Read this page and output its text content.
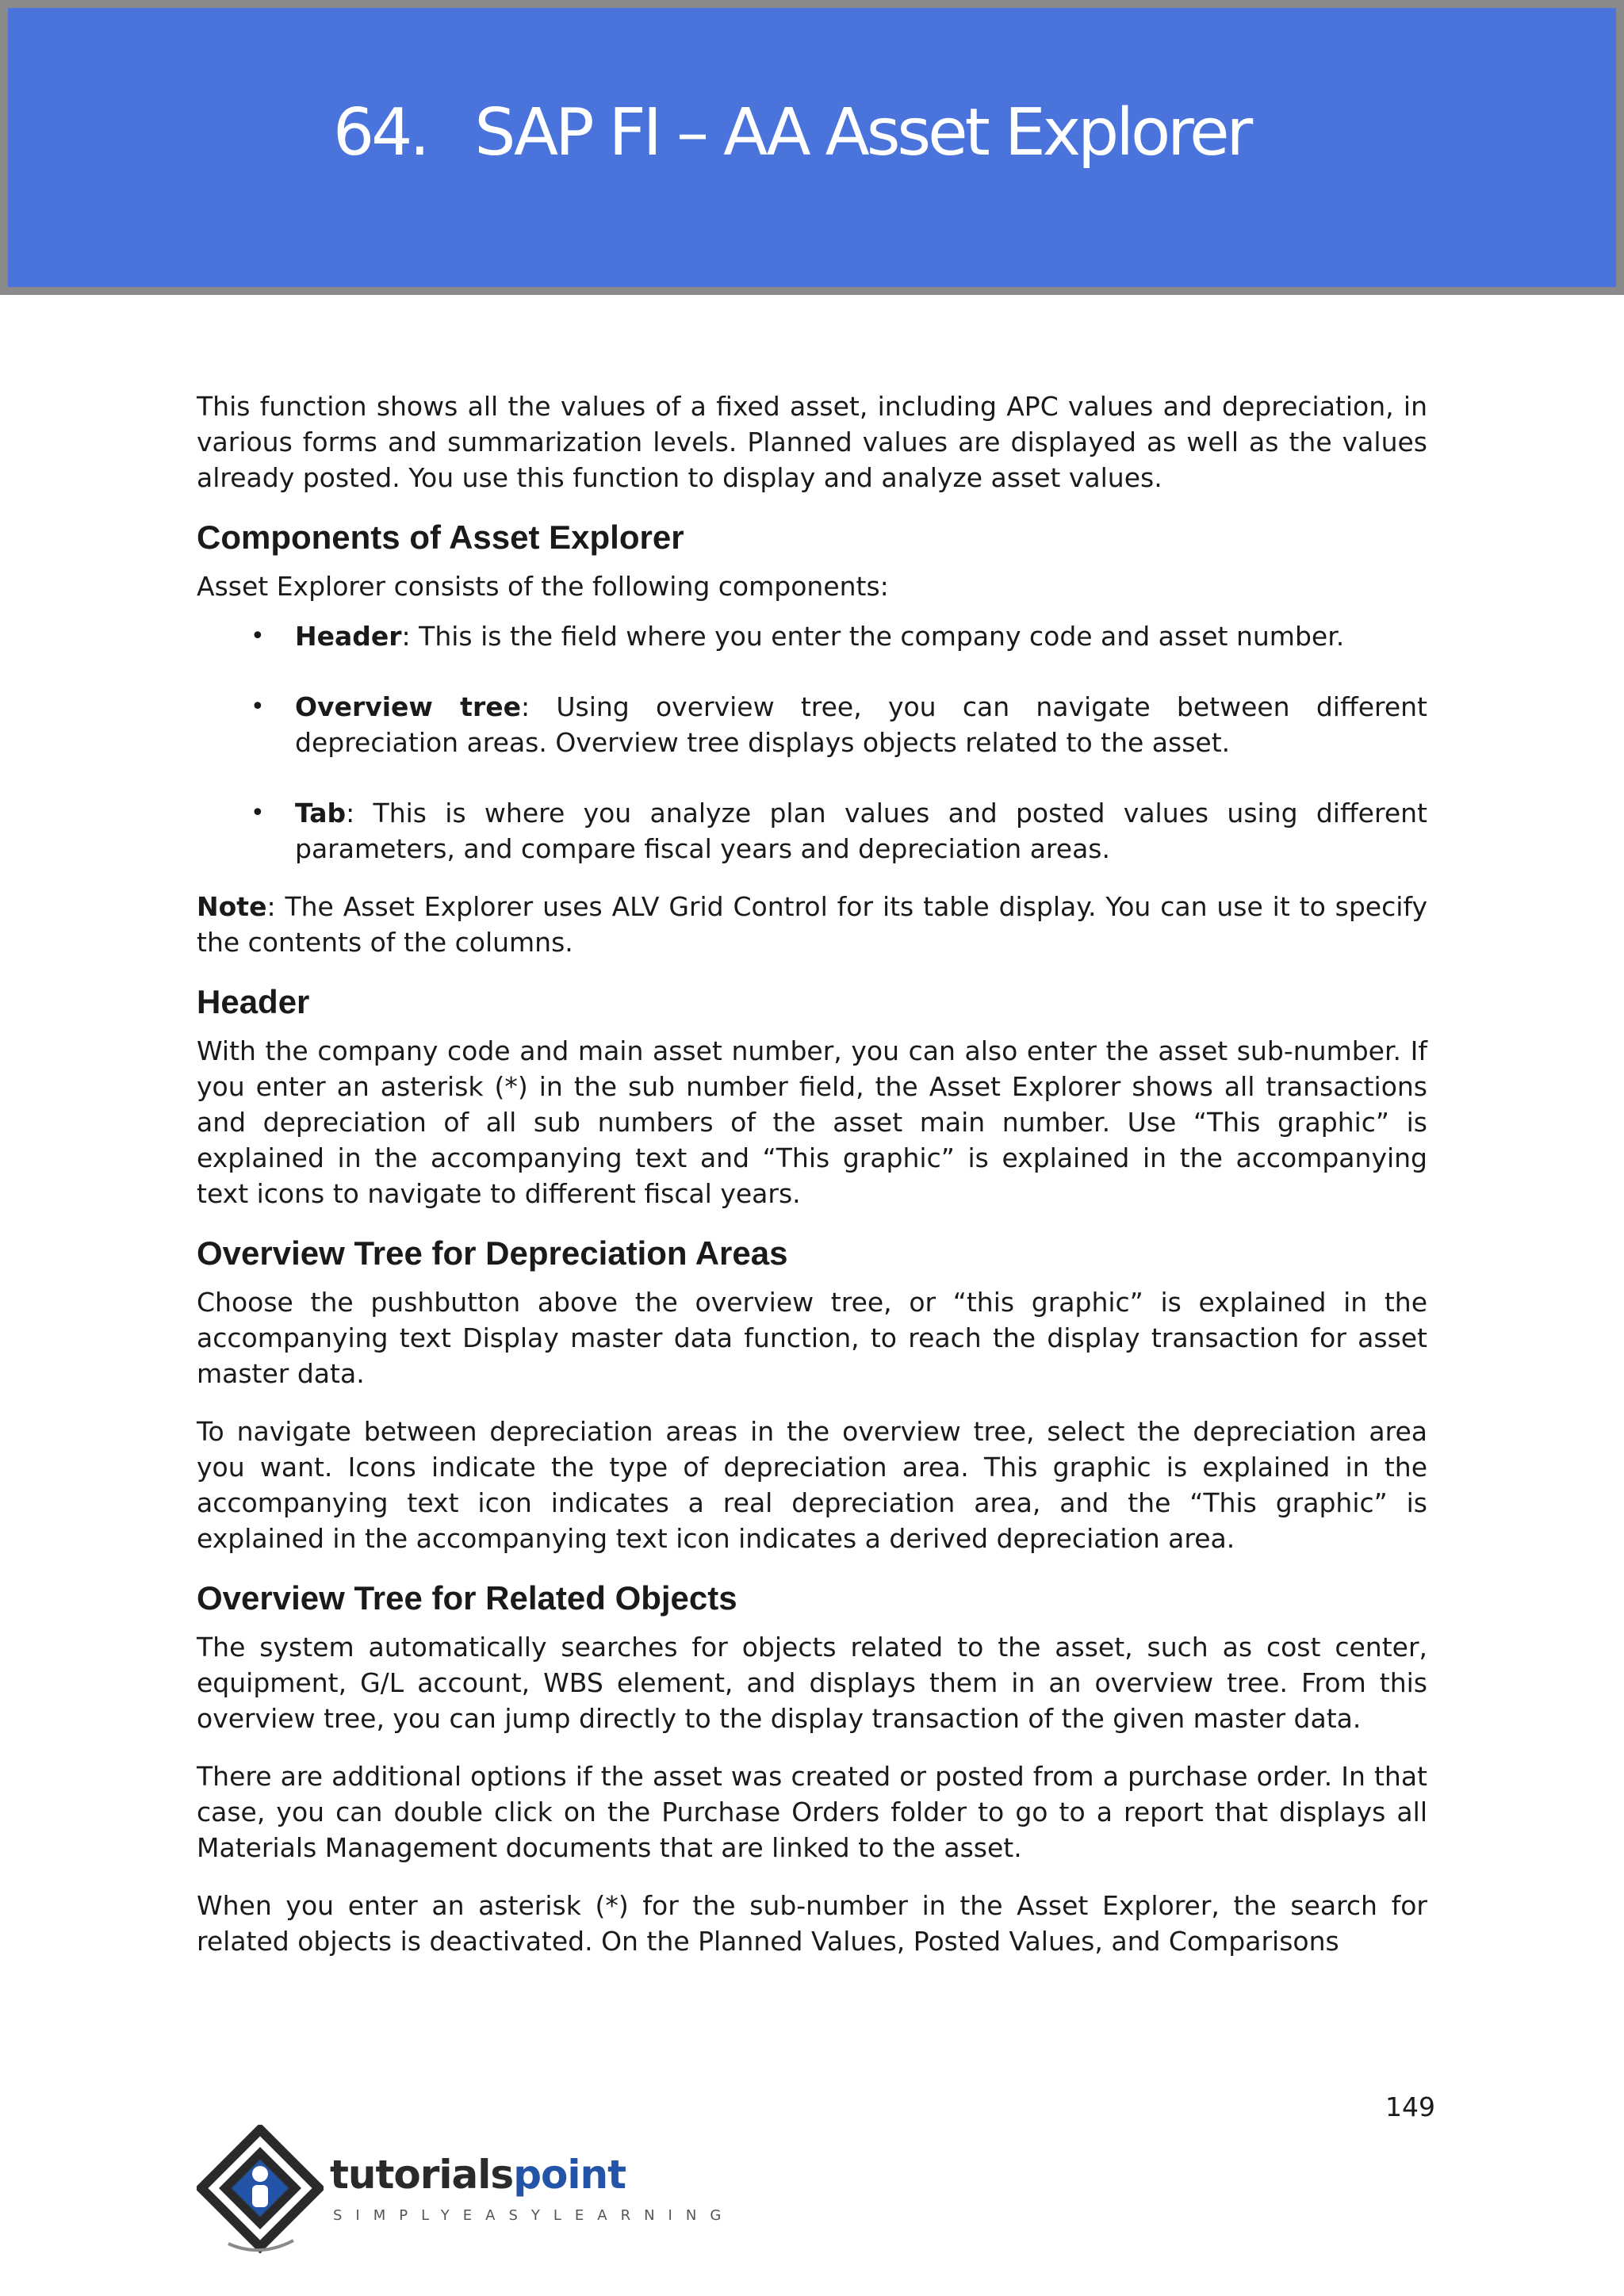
64. SAP FI – AA Asset Explorer

This function shows all the values of a fixed asset, including APC values and depreciation, in various forms and summarization levels. Planned values are displayed as well as the values already posted. You use this function to display and analyze asset values.

Components of Asset Explorer

Asset Explorer consists of the following components:

• Header: This is the field where you enter the company code and asset number.
• Overview tree: Using overview tree, you can navigate between different depreciation areas. Overview tree displays objects related to the asset.
• Tab: This is where you analyze plan values and posted values using different parameters, and compare fiscal years and depreciation areas.

Note: The Asset Explorer uses ALV Grid Control for its table display. You can use it to specify the contents of the columns.

Header

With the company code and main asset number, you can also enter the asset sub-number. If you enter an asterisk (*) in the sub number field, the Asset Explorer shows all transactions and depreciation of all sub numbers of the asset main number. Use “This graphic” is explained in the accompanying text and “This graphic” is explained in the accompanying text icons to navigate to different fiscal years.

Overview Tree for Depreciation Areas

Choose the pushbutton above the overview tree, or “this graphic” is explained in the accompanying text Display master data function, to reach the display transaction for asset master data.

To navigate between depreciation areas in the overview tree, select the depreciation area you want. Icons indicate the type of depreciation area. This graphic is explained in the accompanying text icon indicates a real depreciation area, and the “This graphic” is explained in the accompanying text icon indicates a derived depreciation area.

Overview Tree for Related Objects

The system automatically searches for objects related to the asset, such as cost center, equipment, G/L account, WBS element, and displays them in an overview tree. From this overview tree, you can jump directly to the display transaction of the given master data.

There are additional options if the asset was created or posted from a purchase order. In that case, you can double click on the Purchase Orders folder to go to a report that displays all Materials Management documents that are linked to the asset.

When you enter an asterisk (*) for the sub-number in the Asset Explorer, the search for related objects is deactivated. On the Planned Values, Posted Values, and Comparisons

149
tutorialspoint
SIMPLYEASYLEARNING
